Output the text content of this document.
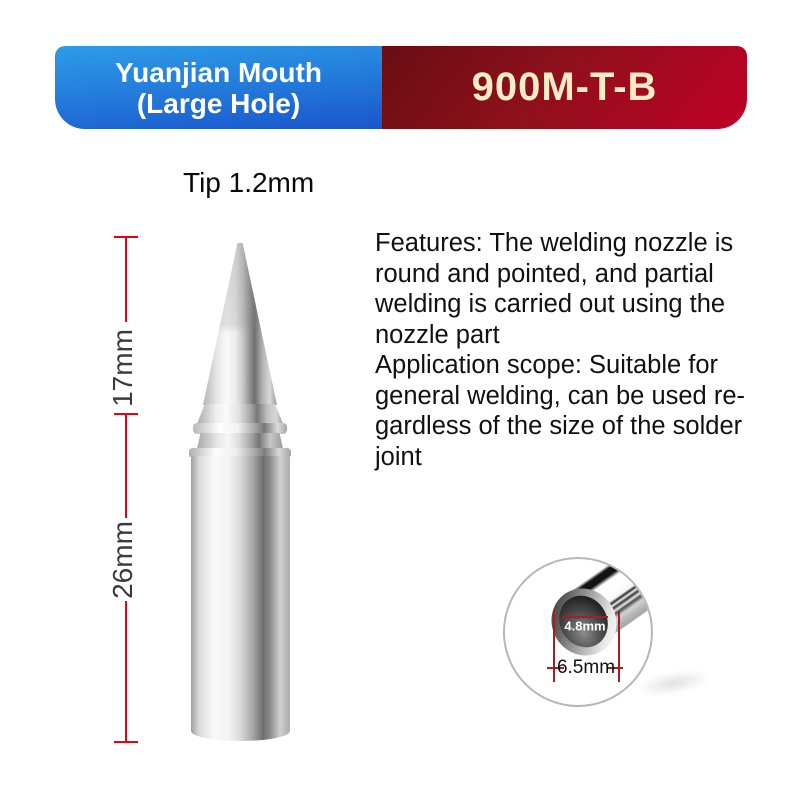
Yuanjian Mouth
(Large Hole)	900M-T-B
Tip 1.2mm
17mm
26mm
Features: The welding nozzle is
round and pointed, and partial
welding is carried out using the
nozzle part
Application scope: Suitable for
general welding, can be used re-
gardless of the size of the solder
joint
4.8mm
6.5mm
